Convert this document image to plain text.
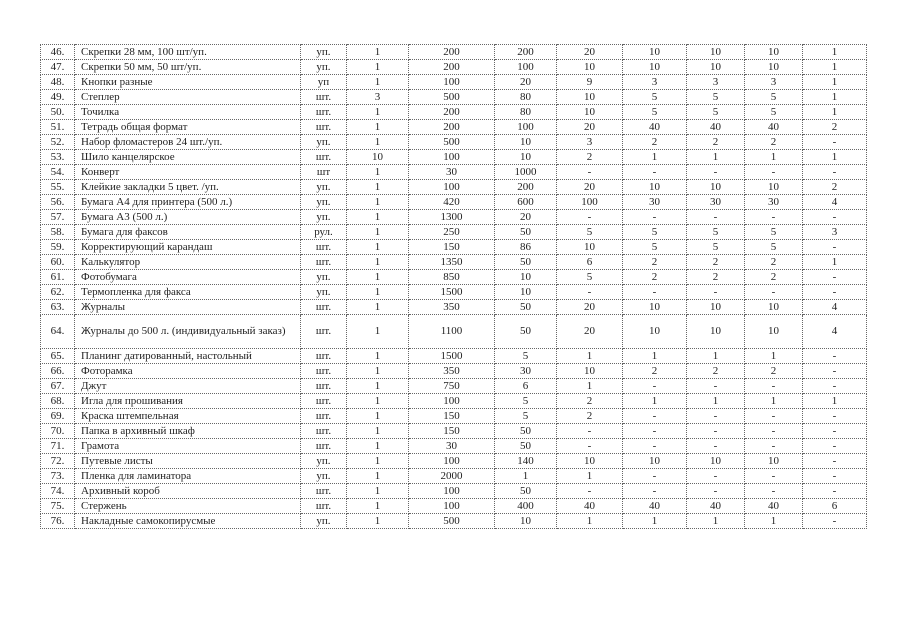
46.	Скрепки 28 мм, 100 шт/уп.	уп.	1	200	200	20	10	10	10	1
47.	Скрепки 50 мм, 50 шт/уп.	уп.	1	200	100	10	10	10	10	1
48.	Кнопки разные	уп	1	100	20	9	3	3	3	1
49.	Степлер	шт.	3	500	80	10	5	5	5	1
50.	Точилка	шт.	1	200	80	10	5	5	5	1
51.	Тетрадь общая формат	шт.	1	200	100	20	40	40	40	2
52.	Набор фломастеров 24 шт./уп.	уп.	1	500	10	3	2	2	2	-
53.	Шило канцелярское	шт.	10	100	10	2	1	1	1	1
54.	Конверт	шт	1	30	1000	-	-	-	-	-
55.	Клейкие закладки 5 цвет. /уп.	уп.	1	100	200	20	10	10	10	2
56.	Бумага А4 для принтера (500 л.)	уп.	1	420	600	100	30	30	30	4
57.	Бумага А3 (500 л.)	уп.	1	1300	20	-	-	-	-	-
58.	Бумага для факсов	рул.	1	250	50	5	5	5	5	3
59.	Корректирующий карандаш	шт.	1	150	86	10	5	5	5	-
60.	Калькулятор	шт.	1	1350	50	6	2	2	2	1
61.	Фотобумага	уп.	1	850	10	5	2	2	2	-
62.	Термопленка для факса	уп.	1	1500	10	-	-	-	-	-
63.	Журналы	шт.	1	350	50	20	10	10	10	4
64.	Журналы до 500 л. (индивидуальный заказ)	шт.	1	1100	50	20	10	10	10	4
65.	Планинг датированный, настольный	шт.	1	1500	5	1	1	1	1	-
66.	Фоторамка	шт.	1	350	30	10	2	2	2	-
67.	Джут	шт.	1	750	6	1	-	-	-	-
68.	Игла для прошивания	шт.	1	100	5	2	1	1	1	1
69.	Краска штемпельная	шт.	1	150	5	2	-	-	-	-
70.	Папка в архивный шкаф	шт.	1	150	50	-	-	-	-	-
71.	Грамота	шт.	1	30	50	-	-	-	-	-
72.	Путевые листы	уп.	1	100	140	10	10	10	10	-
73.	Пленка для ламинатора	уп.	1	2000	1	1	-	-	-	-
74.	Архивный короб	шт.	1	100	50	-	-	-	-	-
75.	Стержень	шт.	1	100	400	40	40	40	40	6
76.	Накладные самокопирусмые	уп.	1	500	10	1	1	1	1	-
